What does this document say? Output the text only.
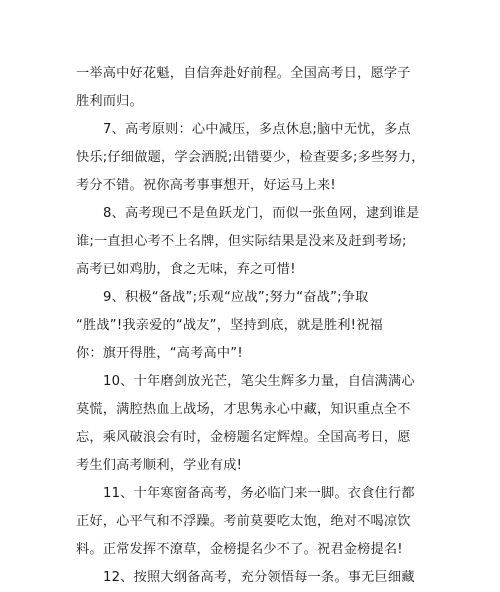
一举高中好花魁，自信奔赴好前程。全国高考日，愿学子
胜利而归。
7、高考原则：心中减压，多点休息;脑中无忧，多点
快乐;仔细做题，学会洒脱;出错要少，检查要多;多些努力，
考分不错。祝你高考事事想开，好运马上来!
8、高考现已不是鱼跃龙门，而似一张鱼网，逮到谁是
谁;一直担心考不上名牌，但实际结果是没来及赶到考场;
高考已如鸡肋，食之无味，弃之可惜!
9、积极“备战”;乐观“应战”;努力“奋战”;争取
“胜战”!我亲爱的“战友”，坚持到底，就是胜利!祝福
你：旗开得胜，“高考高中”!
10、十年磨剑放光芒，笔尖生辉多力量，自信满满心
莫慌，满腔热血上战场，才思隽永心中藏，知识重点全不
忘，乘风破浪会有时，金榜题名定辉煌。全国高考日，愿
考生们高考顺利，学业有成!
11、十年寒窗备高考，务必临门来一脚。衣食住行都
正好，心平气和不浮躁。考前莫要吃太饱，绝对不喝凉饮
料。正常发挥不潦草，金榜提名少不了。祝君金榜提名!
12、按照大纲备高考，充分领悟每一条。事无巨细藏
